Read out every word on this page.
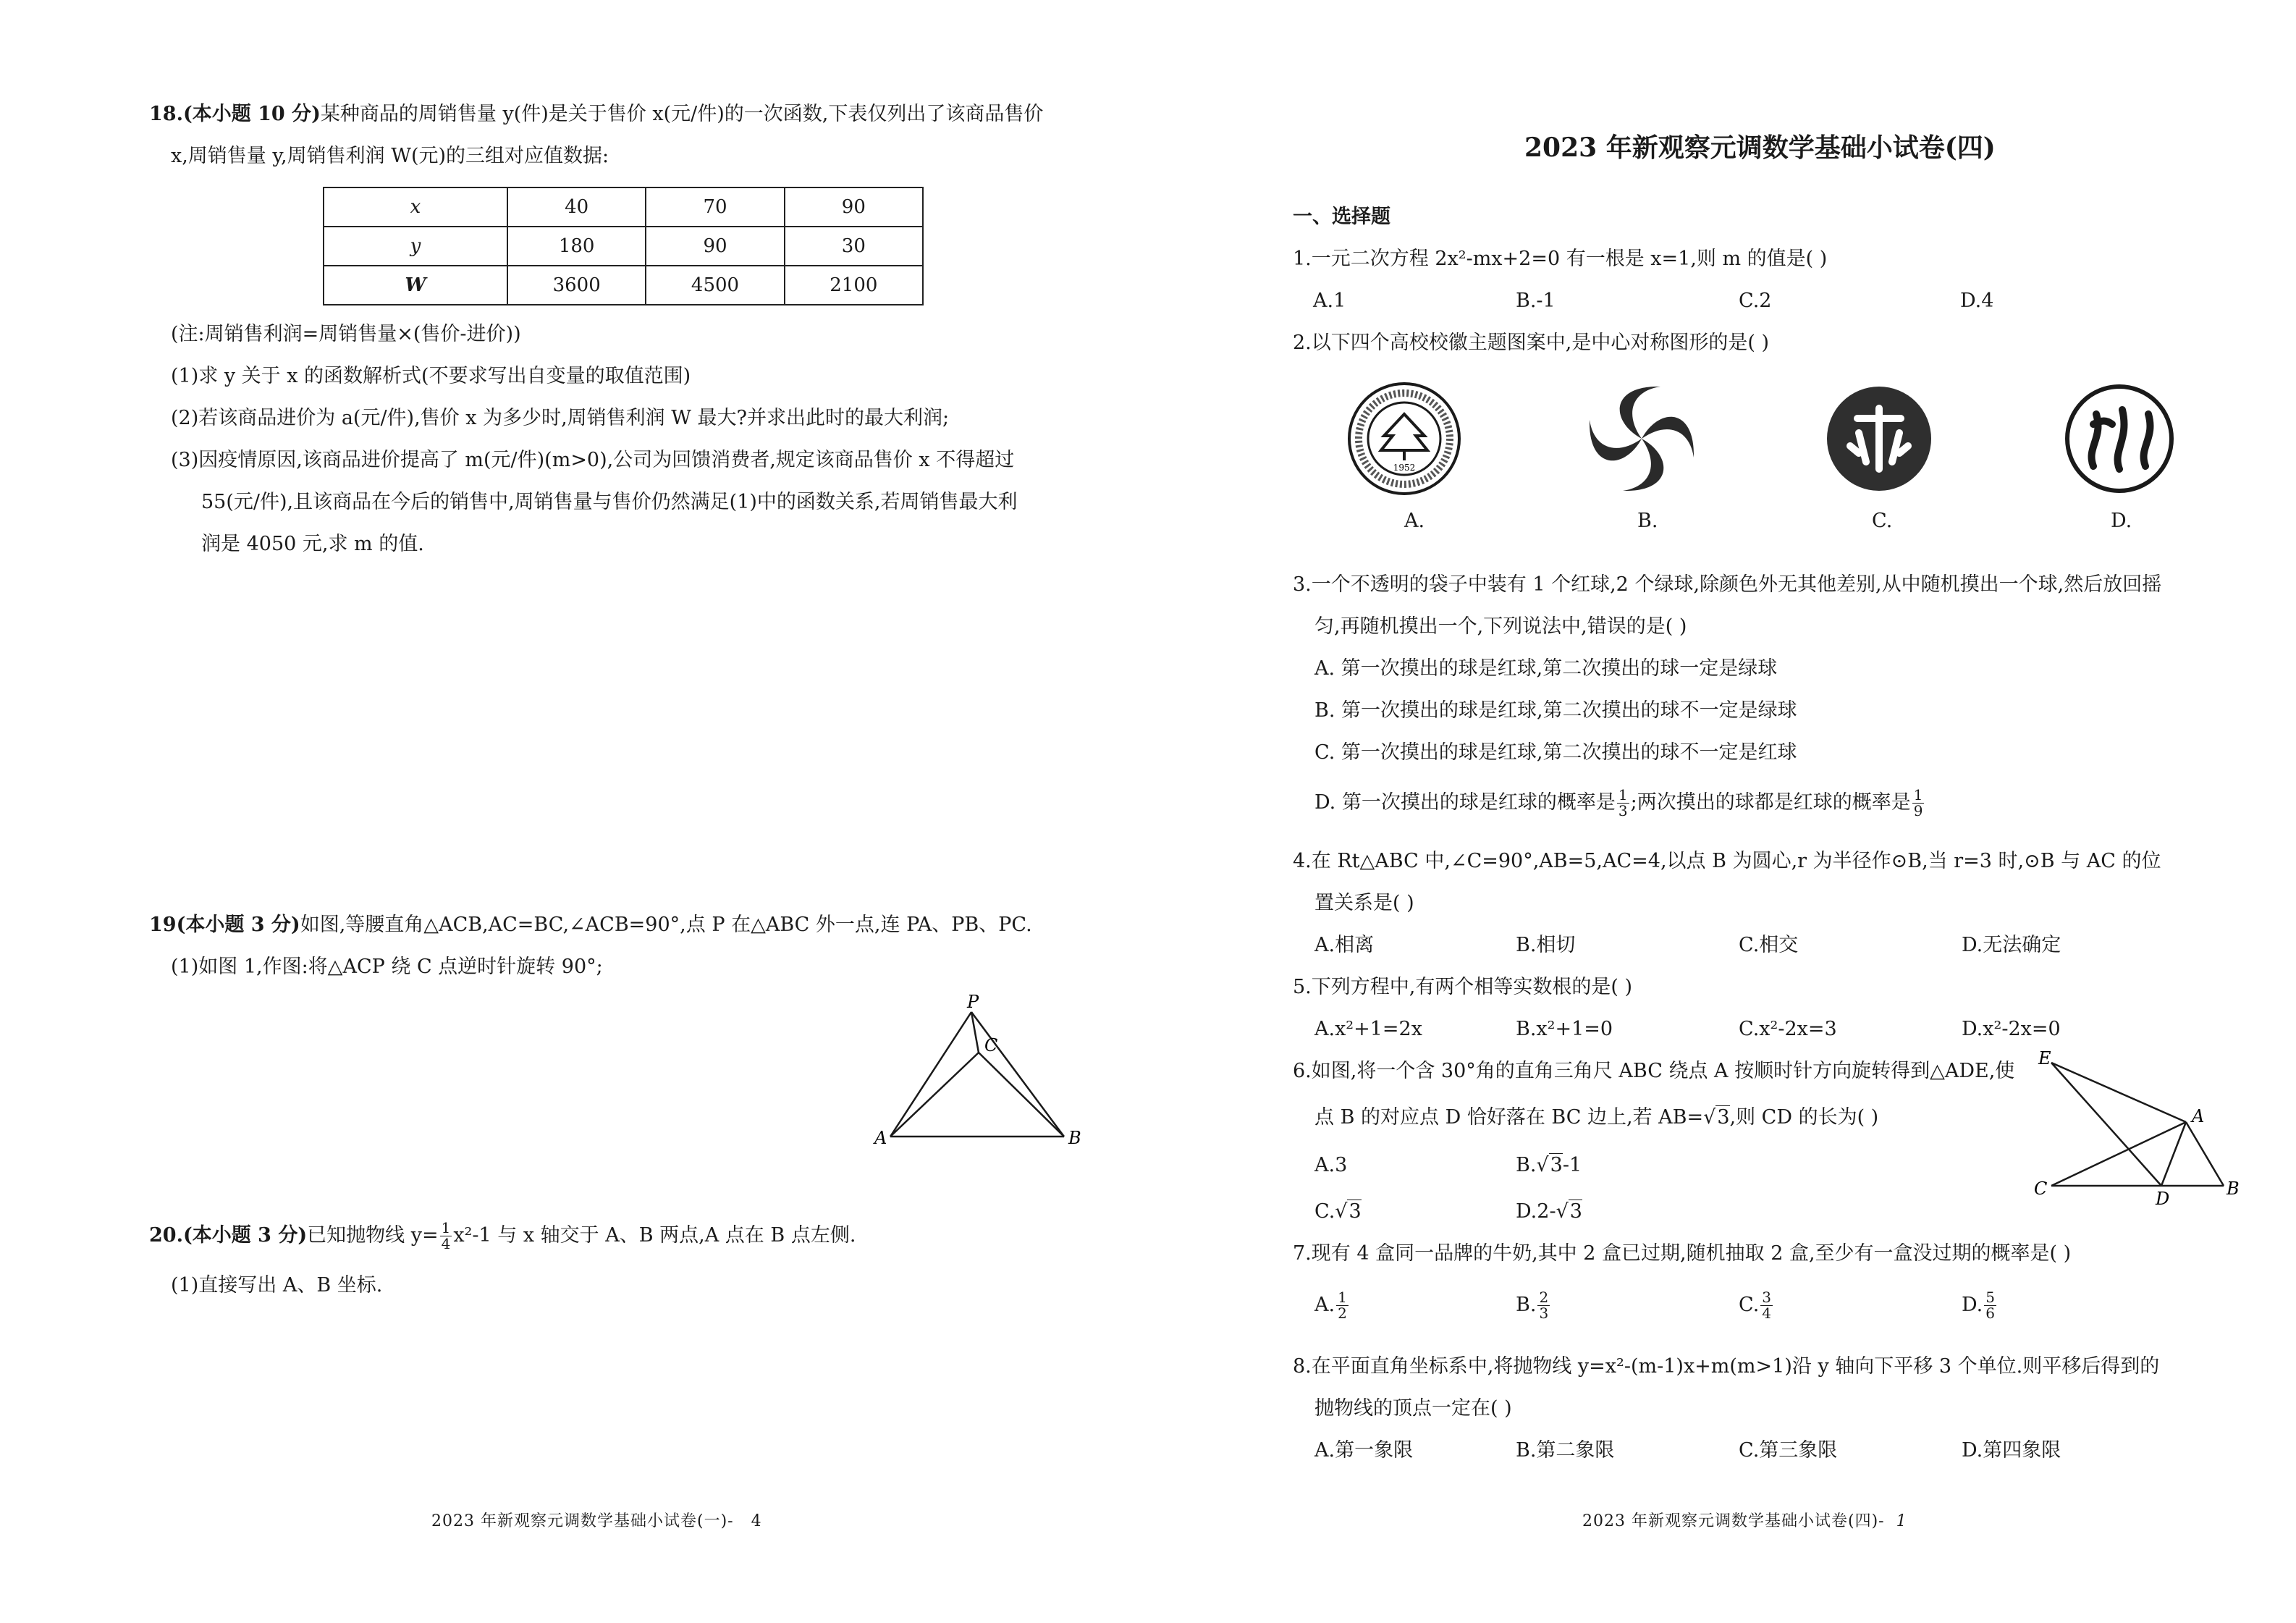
18.(本小题 10 分)某种商品的周销售量 y(件)是关于售价 x(元/件)的一次函数,下表仅列出了该商品售价
x,周销售量 y,周销售利润 W(元)的三组对应值数据:
x	40	70	90
y	180	90	30
W	3600	4500	2100
(注:周销售利润=周销售量×(售价-进价))
(1)求 y 关于 x 的函数解析式(不要求写出自变量的取值范围)
(2)若该商品进价为 a(元/件),售价 x 为多少时,周销售利润 W 最大?并求出此时的最大利润;
(3)因疫情原因,该商品进价提高了 m(元/件)(m>0),公司为回馈消费者,规定该商品售价 x 不得超过
55(元/件),且该商品在今后的销售中,周销售量与售价仍然满足(1)中的函数关系,若周销售最大利
润是 4050 元,求 m 的值.
19(本小题 3 分)如图,等腰直角△ACB,AC=BC,∠ACB=90°,点 P 在△ABC 外一点,连 PA、PB、PC.
(1)如图 1,作图:将△ACP 绕 C 点逆时针旋转 90°;
P
C
A	B
20.(本小题 3 分)已知抛物线 $y= \frac{1}{4} x^2-1$ 与 x 轴交于 A、B 两点,A 点在 B 点左侧.
(1)直接写出 A、B 坐标.
2023 年新观察元调数学基础小试卷(一)- 4
2023 年新观察元调数学基础小试卷(四)
一、选择题
1.一元二次方程 2x²-mx+2=0 有一根是 x=1,则 m 的值是( )
A.1	B.-1	C.2	D.4
2.以下四个高校校徽主题图案中,是中心对称图形的是( )
1952
A.	B.	C.	D.
3.一个不透明的袋子中装有 1 个红球,2 个绿球,除颜色外无其他差别,从中随机摸出一个球,然后放回摇
匀,再随机摸出一个,下列说法中,错误的是( )
A. 第一次摸出的球是红球,第二次摸出的球一定是绿球
B. 第一次摸出的球是红球,第二次摸出的球不一定是绿球
C. 第一次摸出的球是红球,第二次摸出的球不一定是红球
D. 第一次摸出的球是红球的概率是 $\frac{1}{3}$ ;两次摸出的球都是红球的概率是 $\frac{1}{9}$
4.在 Rt△ABC 中,∠C=90°,AB=5,AC=4,以点 B 为圆心,r 为半径作⊙B,当 r=3 时,⊙B 与 AC 的位
置关系是( )
A.相离	B.相切	C.相交	D.无法确定
5.下列方程中,有两个相等实数根的是( )
A.x²+1=2x	B.x²+1=0	C.x²-2x=3	D.x²-2x=0
6.如图,将一个含 30°角的直角三角尺 ABC 绕点 A 按顺时针方向旋转得到△ADE,使
点 B 的对应点 D 恰好落在 BC 边上,若 AB=√3,则 CD 的长为( )
A.3	B.√3-1
C.√3	D.2-√3
E
A
C	D	B
7.现有 4 盒同一品牌的牛奶,其中 2 盒已过期,随机抽取 2 盒,至少有一盒没过期的概率是( )
A. $\frac{1}{2}$	B. $\frac{2}{3}$	C. $\frac{3}{4}$	D. $\frac{5}{6}$
8.在平面直角坐标系中,将抛物线 y=x²-(m-1)x+m(m>1)沿 y 轴向下平移 3 个单位.则平移后得到的
抛物线的顶点一定在( )
A.第一象限	B.第二象限	C.第三象限	D.第四象限
2023 年新观察元调数学基础小试卷(四)- 1
